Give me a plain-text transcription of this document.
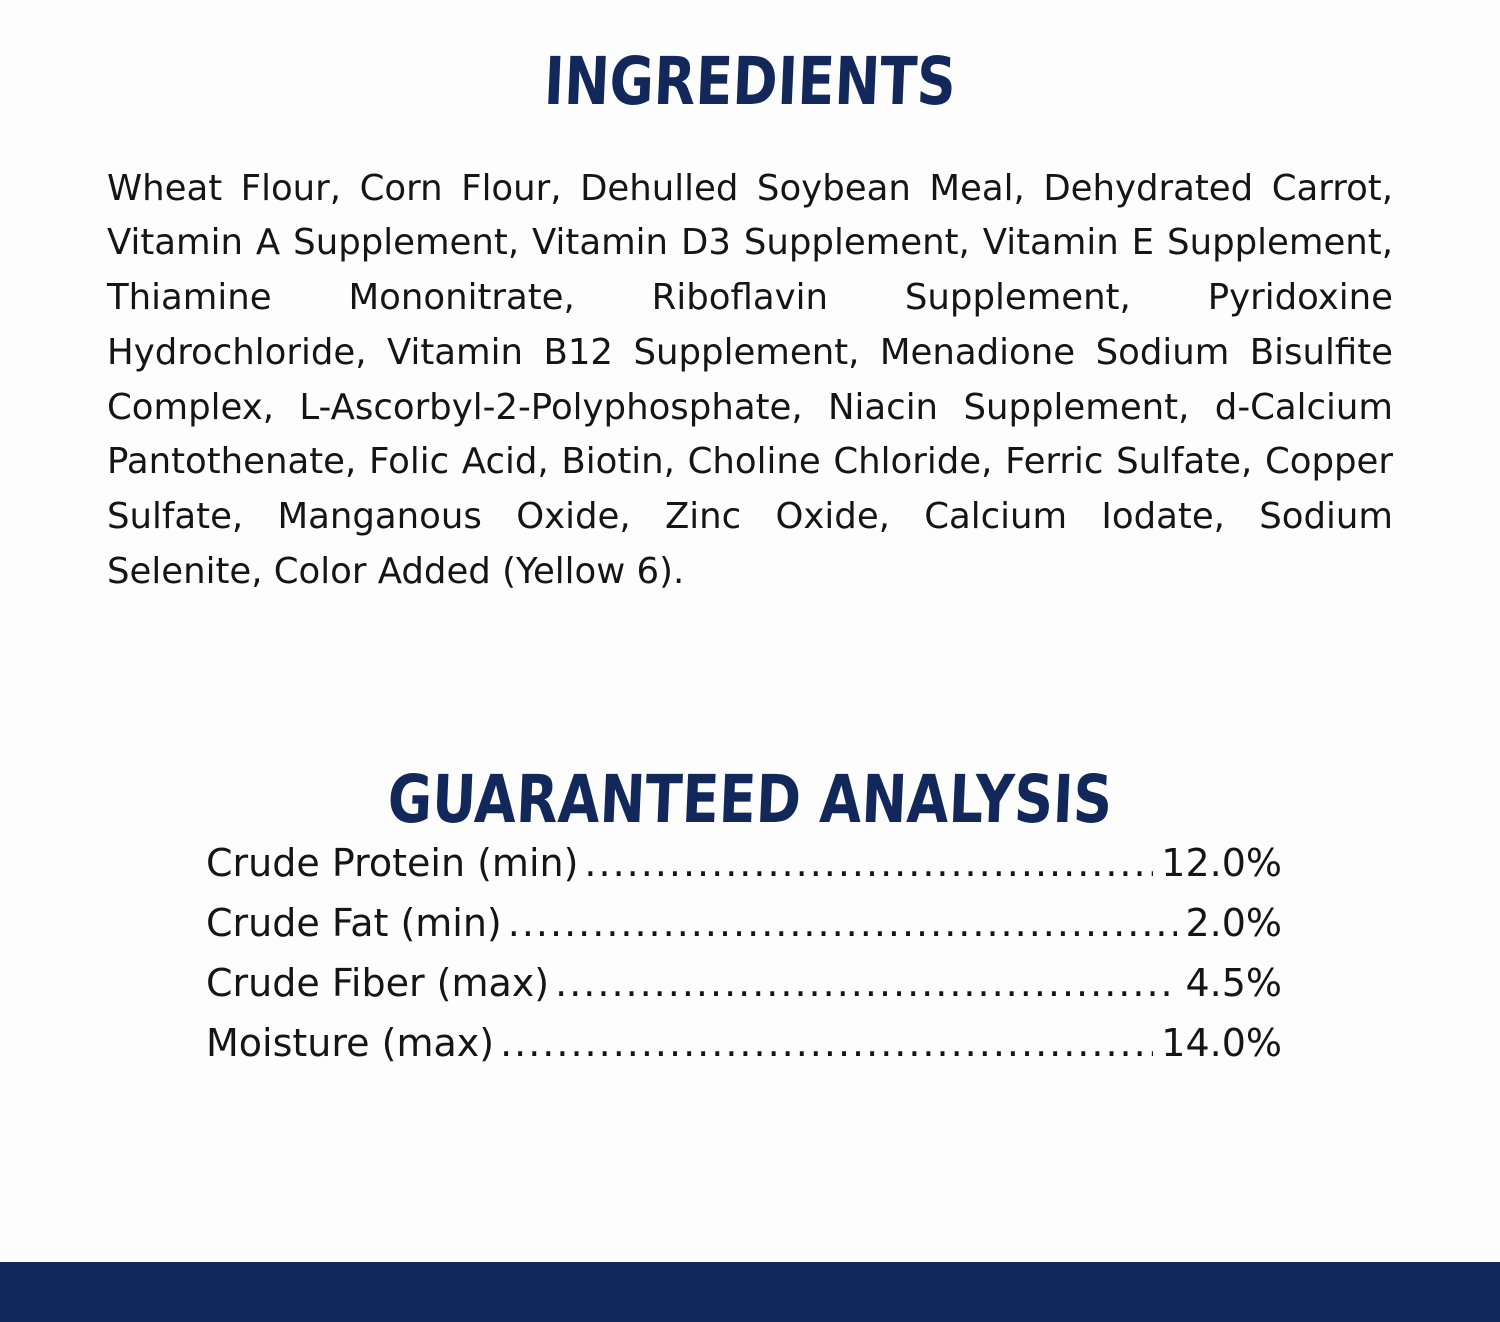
INGREDIENTS

Wheat Flour, Corn Flour, Dehulled Soybean Meal, Dehydrated Carrot, Vitamin A Supplement, Vitamin D3 Supplement, Vitamin E Supplement, Thiamine Mononitrate, Riboflavin Supplement, Pyridoxine Hydrochloride, Vitamin B12 Supplement, Menadione Sodium Bisulfite Complex, L-Ascorbyl-2-Polyphosphate, Niacin Supplement, d-Calcium Pantothenate, Folic Acid, Biotin, Choline Chloride, Ferric Sulfate, Copper Sulfate, Manganous Oxide, Zinc Oxide, Calcium Iodate, Sodium Selenite, Color Added (Yellow 6).

GUARANTEED ANALYSIS
Crude Protein (min) .....	12.0%
Crude Fat (min) .....	2.0%
Crude Fiber (max) .....	4.5%
Moisture (max) .....	14.0%
